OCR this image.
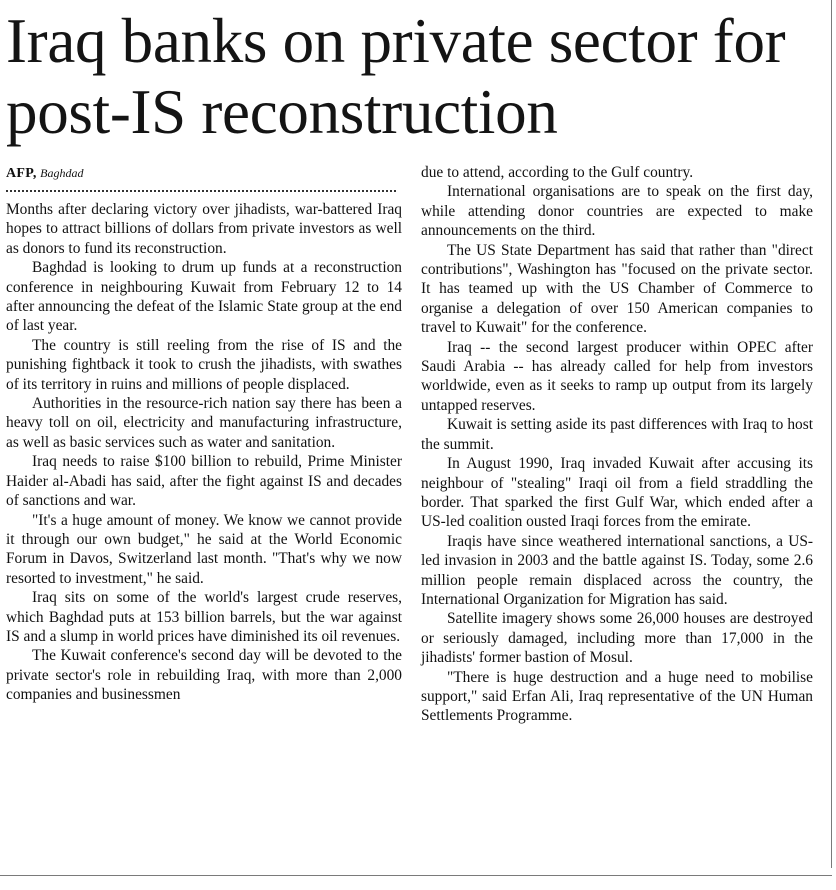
Iraq banks on private sector for post-IS reconstruction
AFP, Baghdad

Months after declaring victory over jihadists, war-battered Iraq hopes to attract billions of dollars from private investors as well as donors to fund its reconstruction.

Baghdad is looking to drum up funds at a reconstruction conference in neighbouring Kuwait from February 12 to 14 after announcing the defeat of the Islamic State group at the end of last year.

The country is still reeling from the rise of IS and the punishing fightback it took to crush the jihadists, with swathes of its territory in ruins and millions of people displaced.

Authorities in the resource-rich nation say there has been a heavy toll on oil, electricity and manufacturing infrastructure, as well as basic services such as water and sanitation.

Iraq needs to raise $100 billion to rebuild, Prime Minister Haider al-Abadi has said, after the fight against IS and decades of sanctions and war.

"It's a huge amount of money. We know we cannot provide it through our own budget," he said at the World Economic Forum in Davos, Switzerland last month. "That's why we now resorted to investment," he said.

Iraq sits on some of the world's largest crude reserves, which Baghdad puts at 153 billion barrels, but the war against IS and a slump in world prices have diminished its oil revenues.

The Kuwait conference's second day will be devoted to the private sector's role in rebuilding Iraq, with more than 2,000 companies and businessmen

due to attend, according to the Gulf country.

International organisations are to speak on the first day, while attending donor countries are expected to make announcements on the third.

The US State Department has said that rather than "direct contributions", Washington has "focused on the private sector. It has teamed up with the US Chamber of Commerce to organise a delegation of over 150 American companies to travel to Kuwait" for the conference.

Iraq -- the second largest producer within OPEC after Saudi Arabia -- has already called for help from investors worldwide, even as it seeks to ramp up output from its largely untapped reserves.

Kuwait is setting aside its past differences with Iraq to host the summit.

In August 1990, Iraq invaded Kuwait after accusing its neighbour of "stealing" Iraqi oil from a field straddling the border. That sparked the first Gulf War, which ended after a US-led coalition ousted Iraqi forces from the emirate.

Iraqis have since weathered international sanctions, a US-led invasion in 2003 and the battle against IS. Today, some 2.6 million people remain displaced across the country, the International Organization for Migration has said.

Satellite imagery shows some 26,000 houses are destroyed or seriously damaged, including more than 17,000 in the jihadists' former bastion of Mosul.

"There is huge destruction and a huge need to mobilise support," said Erfan Ali, Iraq representative of the UN Human Settlements Programme.
